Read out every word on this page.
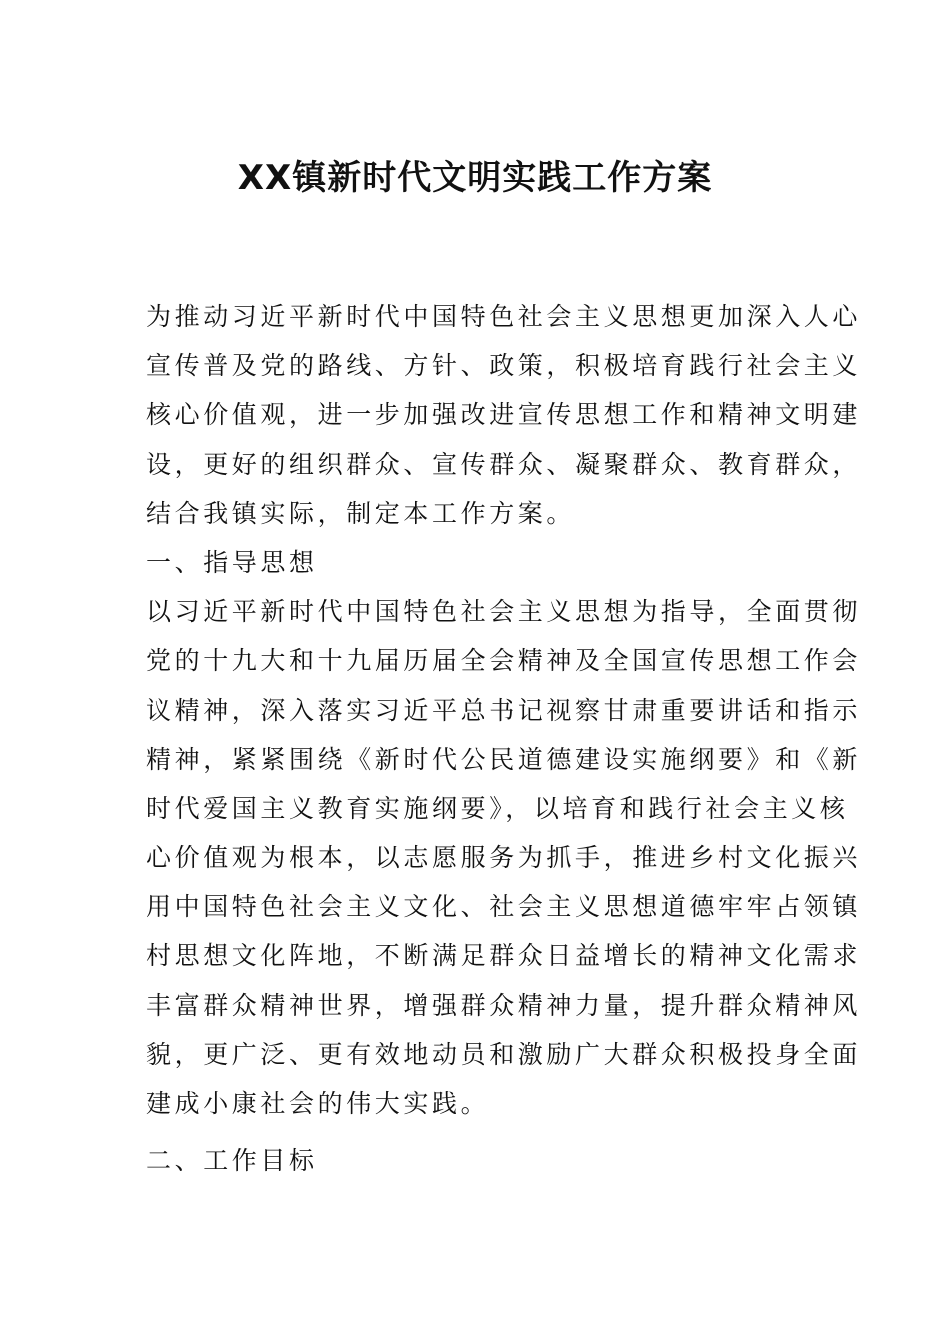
XX镇新时代文明实践工作方案
为推动习近平新时代中国特色社会主义思想更加深入人心
宣传普及党的路线、方针、政策，积极培育践行社会主义
核心价值观，进一步加强改进宣传思想工作和精神文明建
设，更好的组织群众、宣传群众、凝聚群众、教育群众，
结合我镇实际，制定本工作方案。
一、指导思想
以习近平新时代中国特色社会主义思想为指导，全面贯彻
党的十九大和十九届历届全会精神及全国宣传思想工作会
议精神，深入落实习近平总书记视察甘肃重要讲话和指示
精神，紧紧围绕《新时代公民道德建设实施纲要》和《新
时代爱国主义教育实施纲要》，以培育和践行社会主义核
心价值观为根本，以志愿服务为抓手，推进乡村文化振兴
用中国特色社会主义文化、社会主义思想道德牢牢占领镇
村思想文化阵地，不断满足群众日益增长的精神文化需求
丰富群众精神世界，增强群众精神力量，提升群众精神风
貌，更广泛、更有效地动员和激励广大群众积极投身全面
建成小康社会的伟大实践。
二、工作目标
